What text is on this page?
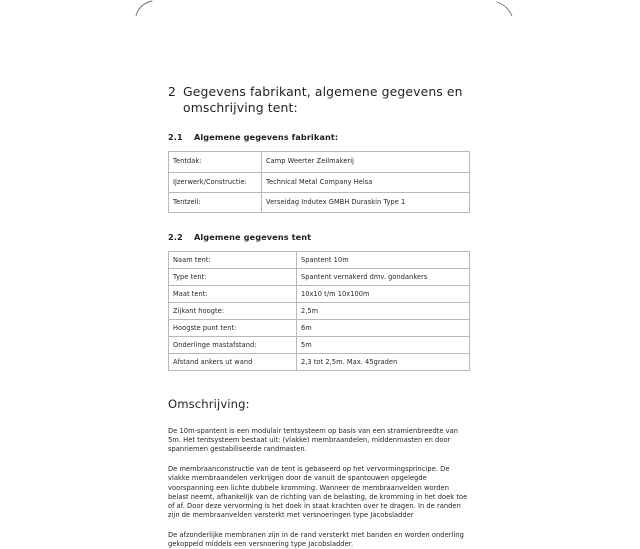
2 Gegevens fabrikant, algemene gegevens en omschrijving tent:
2.1	Algemene gegevens fabrikant:
Tentdak:	Camp Weerter Zeilmakerij
IJzerwerk/Constructie:	Technical Metal Company Helsa
Tentzeil:	Verseidag Indutex GMBH Duraskin Type 1
2.2	Algemene gegevens tent
Naam tent:	Spantent 10m
Type tent:	Spantent vernakerd dmv. gondankers
Maat tent:	10x10 t/m 10x100m
Zijkant hoogte:	2,5m
Hoogste punt tent:	6m
Onderlinge mastafstand:	5m
Afstand ankers ut wand	2,3 tot 2,5m. Max. 45graden
Omschrijving:

De 10m-spantent is een modulair tentsysteem op basis van een stramienbreedte van 5m. Het tentsysteem bestaat uit: (vlakke) membraandelen, middenmasten en door spanriemen gestabiliseerde randmasten.

De membraanconstructie van de tent is gebaseerd op het vervormingsprincipe. De vlakke membraandelen verkrijgen door de vanuit de spantouwen opgelegde voorspanning een lichte dubbele kromming. Wanneer de membraanvelden worden belast neemt, afhankelijk van de richting van de belasting, de kromming in het doek toe of af. Door deze vervorming is het doek in staat krachten over te dragen. In de randen zijn de membraanvelden versterkt met versnoeringen type Jacobsladder

De afzonderlijke membranen zijn in de rand versterkt met banden en worden onderling gekoppeld middels een versnoering type Jacobsladder.
